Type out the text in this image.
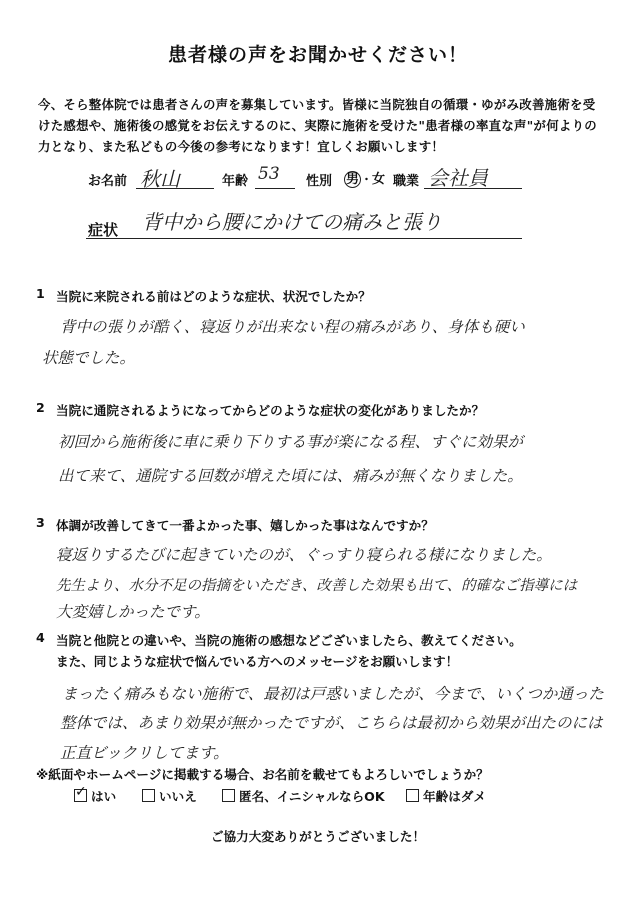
患者様の声をお聞かせください！
今、そら整体院では患者さんの声を募集しています。皆様に当院独自の循環・ゆがみ改善施術を受けた感想や、施術後の感覚をお伝えするのに、実際に施術を受けた"患者様の率直な声"が何よりの力となり、また私どもの今後の参考になります！宜しくお願いします！
お名前 秋山	年齢 53 性別 男 ・女 職業 会社員
症状 背中から腰にかけての痛みと張り
1 当院に来院される前はどのような症状、状況でしたか？
背中の張りが酷く、寝返りが出来ない程の痛みがあり、身体も硬い
状態でした。
2 当院に通院されるようになってからどのような症状の変化がありましたか？
初回から施術後に車に乗り下りする事が楽になる程、すぐに効果が
出て来て、通院する回数が増えた頃には、痛みが無くなりました。
3 体調が改善してきて一番よかった事、嬉しかった事はなんですか？
寝返りするたびに起きていたのが、ぐっすり寝られる様になりました。
先生より、水分不足の指摘をいただき、改善した効果も出て、的確なご指導には
大変嬉しかったです。
4 当院と他院との違いや、当院の施術の感想などございましたら、教えてください。
また、同じような症状で悩んでいる方へのメッセージをお願いします！
まったく痛みもない施術で、最初は戸惑いましたが、今まで、いくつか通った
整体では、あまり効果が無かったですが、こちらは最初から効果が出たのには
正直ビックリしてます。
※紙面やホームページに掲載する場合、お名前を載せてもよろしいでしょうか？
✓ はい	いいえ	匿名、イニシャルならOK	年齢はダメ
ご協力大変ありがとうございました！
